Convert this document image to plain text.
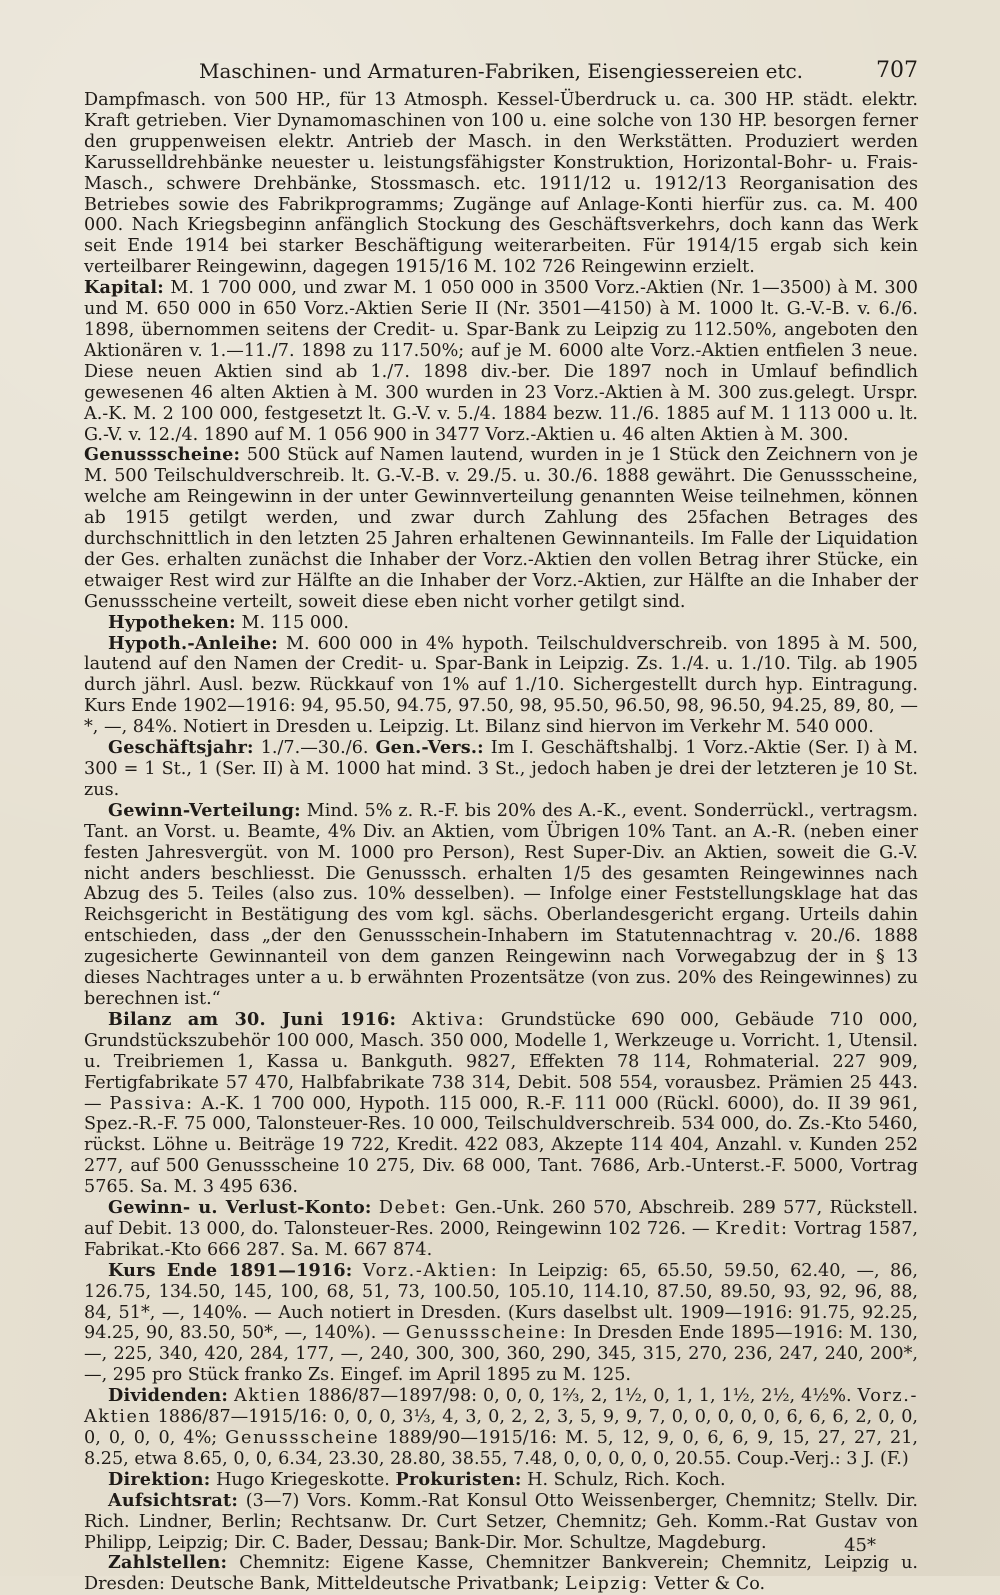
Maschinen- und Armaturen-Fabriken, Eisengiessereien etc.	707

Dampfmasch. von 500 HP., für 13 Atmosph. Kessel-Überdruck u. ca. 300 HP. städt. elektr. Kraft getrieben. Vier Dynamomaschinen von 100 u. eine solche von 130 HP. besorgen ferner den gruppenweisen elektr. Antrieb der Masch. in den Werkstätten. Produziert werden Karusselldrehbänke neuester u. leistungsfähigster Konstruktion, Horizontal-Bohr- u. Frais-Masch., schwere Drehbänke, Stossmasch. etc. 1911/12 u. 1912/13 Reorganisation des Betriebes sowie des Fabrikprogramms; Zugänge auf Anlage-Konti hierfür zus. ca. M. 400 000. Nach Kriegsbeginn anfänglich Stockung des Geschäftsverkehrs, doch kann das Werk seit Ende 1914 bei starker Beschäftigung weiterarbeiten. Für 1914/15 ergab sich kein verteilbarer Reingewinn, dagegen 1915/16 M. 102 726 Reingewinn erzielt.

Kapital: M. 1 700 000, und zwar M. 1 050 000 in 3500 Vorz.-Aktien (Nr. 1—3500) à M. 300 und M. 650 000 in 650 Vorz.-Aktien Serie II (Nr. 3501—4150) à M. 1000 lt. G.-V.-B. v. 6./6. 1898, übernommen seitens der Credit- u. Spar-Bank zu Leipzig zu 112.50%, angeboten den Aktionären v. 1.—11./7. 1898 zu 117.50%; auf je M. 6000 alte Vorz.-Aktien entfielen 3 neue. Diese neuen Aktien sind ab 1./7. 1898 div.-ber. Die 1897 noch in Umlauf befindlich gewesenen 46 alten Aktien à M. 300 wurden in 23 Vorz.-Aktien à M. 300 zus.gelegt. Urspr. A.-K. M. 2 100 000, festgesetzt lt. G.-V. v. 5./4. 1884 bezw. 11./6. 1885 auf M. 1 113 000 u. lt. G.-V. v. 12./4. 1890 auf M. 1 056 900 in 3477 Vorz.-Aktien u. 46 alten Aktien à M. 300.

Genussscheine: 500 Stück auf Namen lautend, wurden in je 1 Stück den Zeichnern von je M. 500 Teilschuldverschreib. lt. G.-V.-B. v. 29./5. u. 30./6. 1888 gewährt. Die Genussscheine, welche am Reingewinn in der unter Gewinnverteilung genannten Weise teilnehmen, können ab 1915 getilgt werden, und zwar durch Zahlung des 25fachen Betrages des durchschnittlich in den letzten 25 Jahren erhaltenen Gewinnanteils. Im Falle der Liquidation der Ges. erhalten zunächst die Inhaber der Vorz.-Aktien den vollen Betrag ihrer Stücke, ein etwaiger Rest wird zur Hälfte an die Inhaber der Vorz.-Aktien, zur Hälfte an die Inhaber der Genussscheine verteilt, soweit diese eben nicht vorher getilgt sind.

Hypotheken: M. 115 000.

Hypoth.-Anleihe: M. 600 000 in 4% hypoth. Teilschuldverschreib. von 1895 à M. 500, lautend auf den Namen der Credit- u. Spar-Bank in Leipzig. Zs. 1./4. u. 1./10. Tilg. ab 1905 durch jährl. Ausl. bezw. Rückkauf von 1% auf 1./10. Sichergestellt durch hyp. Eintragung. Kurs Ende 1902—1916: 94, 95.50, 94.75, 97.50, 98, 95.50, 96.50, 98, 96.50, 94.25, 89, 80, —*, —, 84%. Notiert in Dresden u. Leipzig. Lt. Bilanz sind hiervon im Verkehr M. 540 000.

Geschäftsjahr: 1./7.—30./6. Gen.-Vers.: Im I. Geschäftshalbj. 1 Vorz.-Aktie (Ser. I) à M. 300 = 1 St., 1 (Ser. II) à M. 1000 hat mind. 3 St., jedoch haben je drei der letzteren je 10 St. zus.

Gewinn-Verteilung: Mind. 5% z. R.-F. bis 20% des A.-K., event. Sonderrückl., vertragsm. Tant. an Vorst. u. Beamte, 4% Div. an Aktien, vom Übrigen 10% Tant. an A.-R. (neben einer festen Jahresvergüt. von M. 1000 pro Person), Rest Super-Div. an Aktien, soweit die G.-V. nicht anders beschliesst. Die Genusssch. erhalten 1/5 des gesamten Reingewinnes nach Abzug des 5. Teiles (also zus. 10% desselben). — Infolge einer Feststellungsklage hat das Reichsgericht in Bestätigung des vom kgl. sächs. Oberlandesgericht ergang. Urteils dahin entschieden, dass „der den Genussschein-Inhabern im Statutennachtrag v. 20./6. 1888 zugesicherte Gewinnanteil von dem ganzen Reingewinn nach Vorwegabzug der in § 13 dieses Nachtrages unter a u. b erwähnten Prozentsätze (von zus. 20% des Reingewinnes) zu berechnen ist.“

Bilanz am 30. Juni 1916: Aktiva: Grundstücke 690 000, Gebäude 710 000, Grundstückszubehör 100 000, Masch. 350 000, Modelle 1, Werkzeuge u. Vorricht. 1, Utensil. u. Treibriemen 1, Kassa u. Bankguth. 9827, Effekten 78 114, Rohmaterial. 227 909, Fertigfabrikate 57 470, Halbfabrikate 738 314, Debit. 508 554, vorausbez. Prämien 25 443. — Passiva: A.-K. 1 700 000, Hypoth. 115 000, R.-F. 111 000 (Rückl. 6000), do. II 39 961, Spez.-R.-F. 75 000, Talonsteuer-Res. 10 000, Teilschuldverschreib. 534 000, do. Zs.-Kto 5460, rückst. Löhne u. Beiträge 19 722, Kredit. 422 083, Akzepte 114 404, Anzahl. v. Kunden 252 277, auf 500 Genussscheine 10 275, Div. 68 000, Tant. 7686, Arb.-Unterst.-F. 5000, Vortrag 5765. Sa. M. 3 495 636.

Gewinn- u. Verlust-Konto: Debet: Gen.-Unk. 260 570, Abschreib. 289 577, Rückstell. auf Debit. 13 000, do. Talonsteuer-Res. 2000, Reingewinn 102 726. — Kredit: Vortrag 1587, Fabrikat.-Kto 666 287. Sa. M. 667 874.

Kurs Ende 1891—1916: Vorz.-Aktien: In Leipzig: 65, 65.50, 59.50, 62.40, —, 86, 126.75, 134.50, 145, 100, 68, 51, 73, 100.50, 105.10, 114.10, 87.50, 89.50, 93, 92, 96, 88, 84, 51*, —, 140%. — Auch notiert in Dresden. (Kurs daselbst ult. 1909—1916: 91.75, 92.25, 94.25, 90, 83.50, 50*, —, 140%). — Genussscheine: In Dresden Ende 1895—1916: M. 130, —, 225, 340, 420, 284, 177, —, 240, 300, 300, 360, 290, 345, 315, 270, 236, 247, 240, 200*, —, 295 pro Stück franko Zs. Eingef. im April 1895 zu M. 125.

Dividenden: Aktien 1886/87—1897/98: 0, 0, 0, 1⅔, 2, 1½, 0, 1, 1, 1½, 2½, 4½%. Vorz.-Aktien 1886/87—1915/16: 0, 0, 0, 3⅓, 4, 3, 0, 2, 2, 3, 5, 9, 9, 7, 0, 0, 0, 0, 0, 6, 6, 6, 2, 0, 0, 0, 0, 0, 0, 4%; Genussscheine 1889/90—1915/16: M. 5, 12, 9, 0, 6, 6, 9, 15, 27, 27, 21, 8.25, etwa 8.65, 0, 0, 6.34, 23.30, 28.80, 38.55, 7.48, 0, 0, 0, 0, 0, 20.55. Coup.-Verj.: 3 J. (F.)

Direktion: Hugo Kriegeskotte. Prokuristen: H. Schulz, Rich. Koch.

Aufsichtsrat: (3—7) Vors. Komm.-Rat Konsul Otto Weissenberger, Chemnitz; Stellv. Dir. Rich. Lindner, Berlin; Rechtsanw. Dr. Curt Setzer, Chemnitz; Geh. Komm.-Rat Gustav von Philipp, Leipzig; Dir. C. Bader, Dessau; Bank-Dir. Mor. Schultze, Magdeburg.

Zahlstellen: Chemnitz: Eigene Kasse, Chemnitzer Bankverein; Chemnitz, Leipzig u. Dresden: Deutsche Bank, Mitteldeutsche Privatbank; Leipzig: Vetter & Co.

45*
